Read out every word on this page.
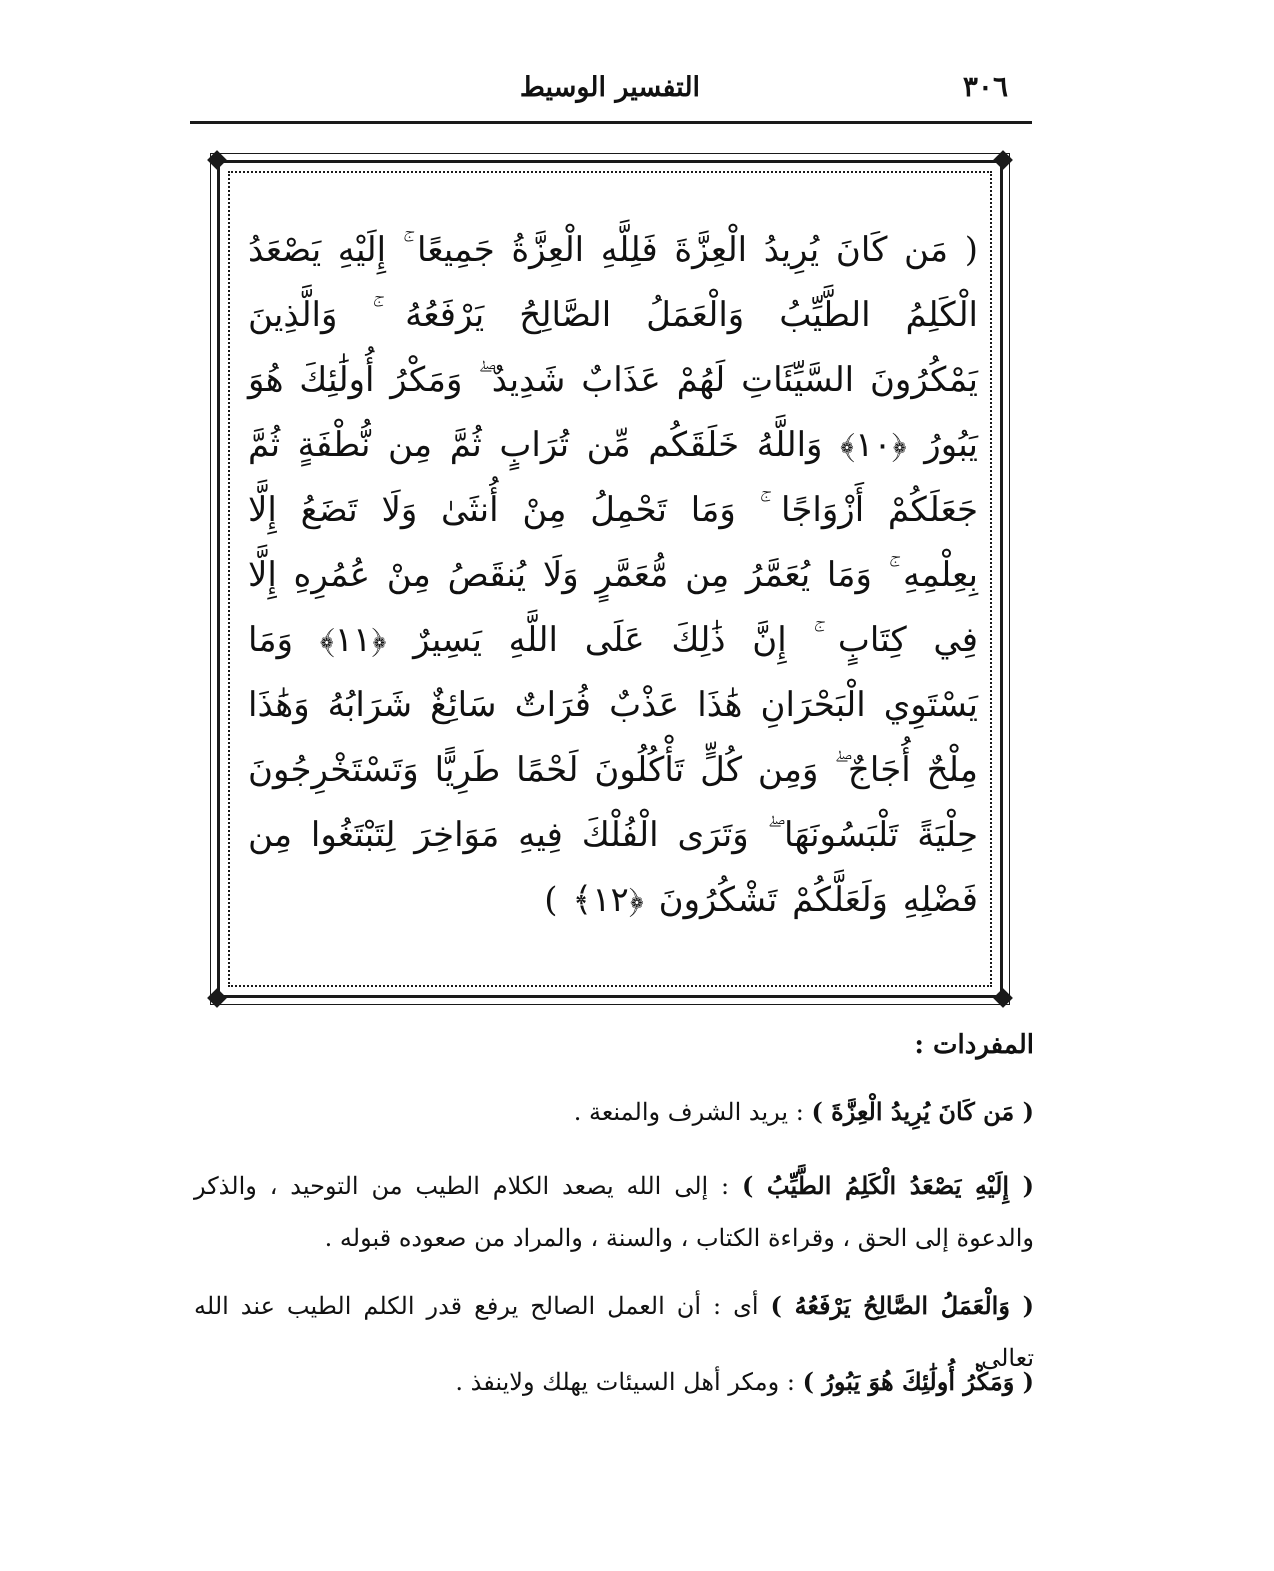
٣٠٦
التفسير الوسيط
( مَن كَانَ يُرِيدُ الْعِزَّةَ فَلِلَّهِ الْعِزَّةُ جَمِيعًا ۚ إِلَيْهِ يَصْعَدُ الْكَلِمُ الطَّيِّبُ وَالْعَمَلُ الصَّالِحُ يَرْفَعُهُ ۚ وَالَّذِينَ يَمْكُرُونَ السَّيِّئَاتِ لَهُمْ عَذَابٌ شَدِيدٌ ۖ وَمَكْرُ أُولَٰئِكَ هُوَ يَبُورُ ﴿١٠﴾ وَاللَّهُ خَلَقَكُم مِّن تُرَابٍ ثُمَّ مِن نُّطْفَةٍ ثُمَّ جَعَلَكُمْ أَزْوَاجًا ۚ وَمَا تَحْمِلُ مِنْ أُنثَىٰ وَلَا تَضَعُ إِلَّا بِعِلْمِهِ ۚ وَمَا يُعَمَّرُ مِن مُّعَمَّرٍ وَلَا يُنقَصُ مِنْ عُمُرِهِ إِلَّا فِي كِتَابٍ ۚ إِنَّ ذَٰلِكَ عَلَى اللَّهِ يَسِيرٌ ﴿١١﴾ وَمَا يَسْتَوِي الْبَحْرَانِ هَٰذَا عَذْبٌ فُرَاتٌ سَائِغٌ شَرَابُهُ وَهَٰذَا مِلْحٌ أُجَاجٌ ۖ وَمِن كُلٍّ تَأْكُلُونَ لَحْمًا طَرِيًّا وَتَسْتَخْرِجُونَ حِلْيَةً تَلْبَسُونَهَا ۖ وَتَرَى الْفُلْكَ فِيهِ مَوَاخِرَ لِتَبْتَغُوا مِن فَضْلِهِ وَلَعَلَّكُمْ تَشْكُرُونَ ﴿١٢﴾ )
المفردات :
( مَن كَانَ يُرِيدُ الْعِزَّةَ ) : يريد الشرف والمنعة .
( إِلَيْهِ يَصْعَدُ الْكَلِمُ الطَّيِّبُ ) : إلى الله يصعد الكلام الطيب من التوحيد ، والذكر والدعوة إلى الحق ، وقراءة الكتاب ، والسنة ، والمراد من صعوده قبوله .
( وَالْعَمَلُ الصَّالِحُ يَرْفَعُهُ ) أى : أن العمل الصالح يرفع قدر الكلم الطيب عند الله تعالى.
( وَمَكْرُ أُولَٰئِكَ هُوَ يَبُورُ ) : ومكر أهل السيئات يهلك ولاينفذ .
